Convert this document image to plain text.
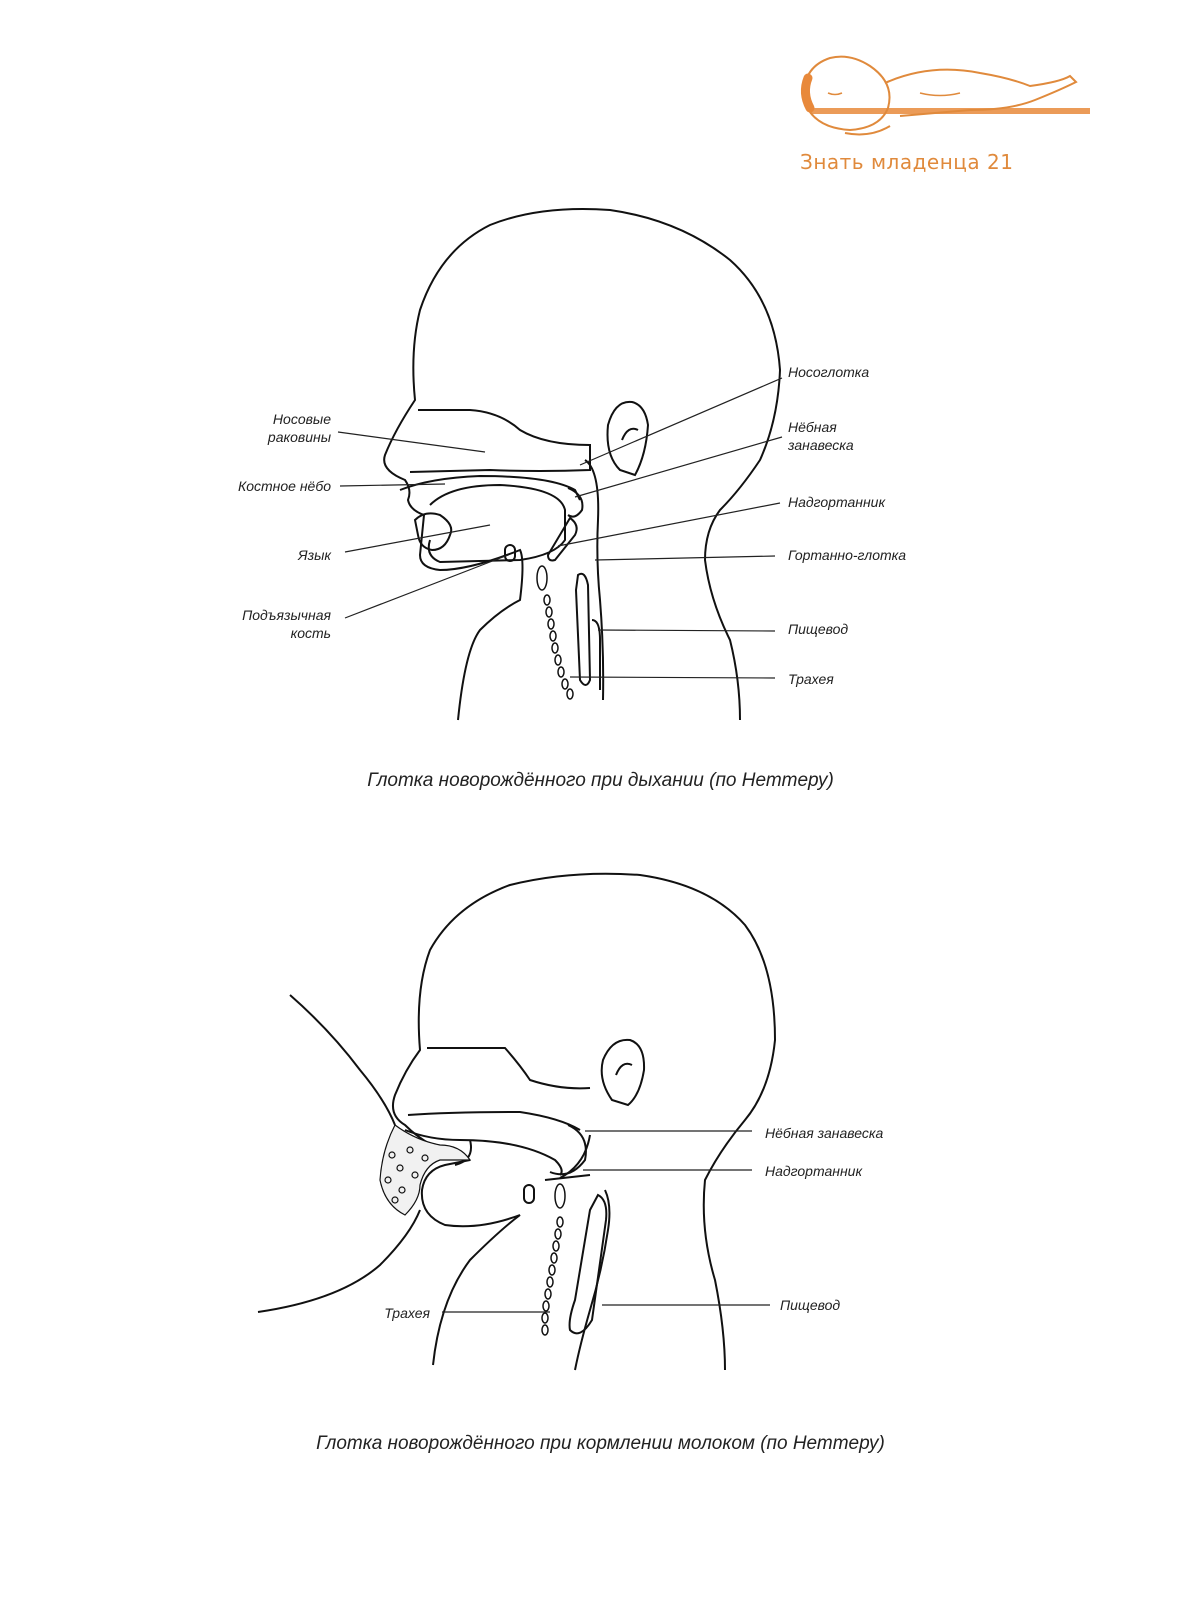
Знать младенца 21
Носовые
раковины
Костное нёбо
Язык
Подъязычная
кость
Носоглотка
Нёбная
занавеска
Надгортанник
Гортанно-глотка
Пищевод
Трахея
Глотка новорождённого при дыхании (по Неттеру)
Нёбная занавеска
Надгортанник
Трахея	Пищевод
Глотка новорождённого при кормлении молоком (по Неттеру)
